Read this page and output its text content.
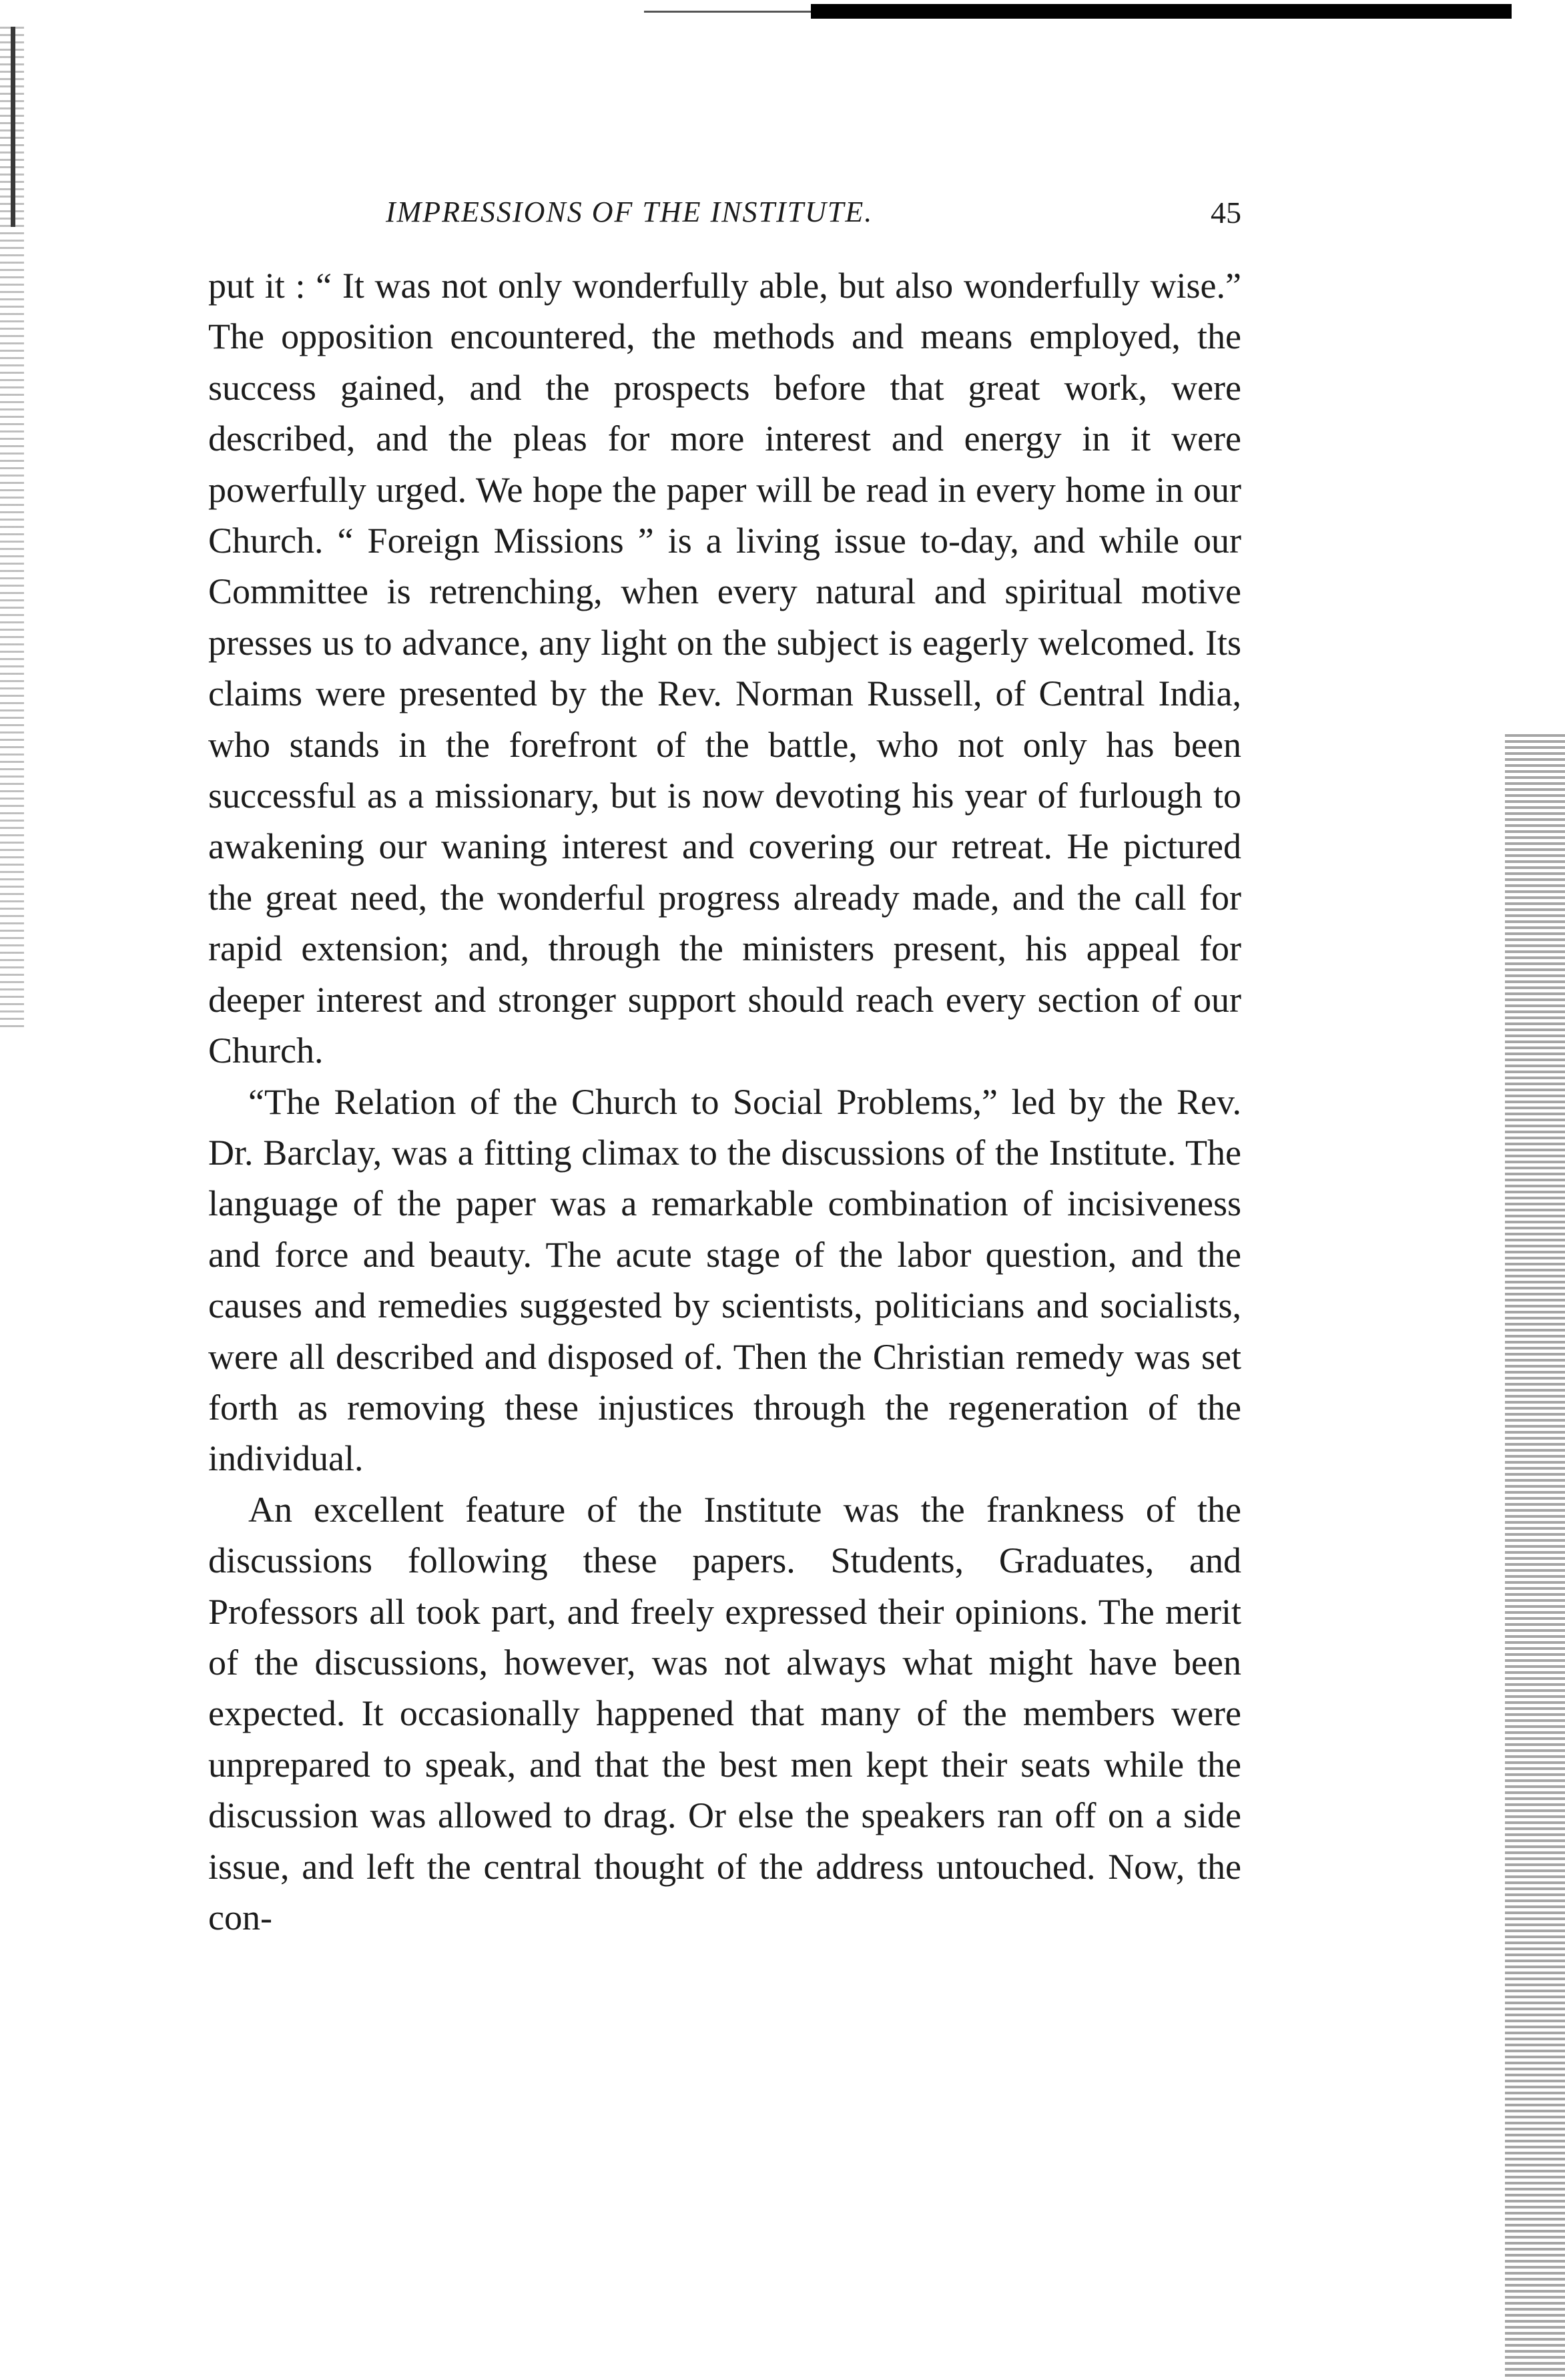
IMPRESSIONS OF THE INSTITUTE.	45

put it : “ It was not only wonderfully able, but also wonderfully wise.” The opposition encountered, the methods and means employed, the success gained, and the prospects before that great work, were described, and the pleas for more interest and energy in it were powerfully urged. We hope the paper will be read in every home in our Church. “ Foreign Missions ” is a living issue to-day, and while our Committee is retrenching, when every natural and spiritual motive presses us to advance, any light on the subject is eagerly welcomed. Its claims were presented by the Rev. Norman Russell, of Central India, who stands in the forefront of the battle, who not only has been successful as a missionary, but is now devoting his year of furlough to awakening our waning interest and covering our retreat. He pictured the great need, the wonderful progress already made, and the call for rapid extension; and, through the ministers present, his appeal for deeper interest and stronger support should reach every section of our Church.

“The Relation of the Church to Social Problems,” led by the Rev. Dr. Barclay, was a fitting climax to the discussions of the Institute. The language of the paper was a remarkable combination of incisiveness and force and beauty. The acute stage of the labor question, and the causes and remedies suggested by scientists, politicians and socialists, were all described and disposed of. Then the Christian remedy was set forth as removing these injustices through the regeneration of the individual.

An excellent feature of the Institute was the frankness of the discussions following these papers. Students, Graduates, and Professors all took part, and freely expressed their opinions. The merit of the discussions, however, was not always what might have been expected. It occasionally happened that many of the members were unprepared to speak, and that the best men kept their seats while the discussion was allowed to drag. Or else the speakers ran off on a side issue, and left the central thought of the address untouched. Now, the con-
